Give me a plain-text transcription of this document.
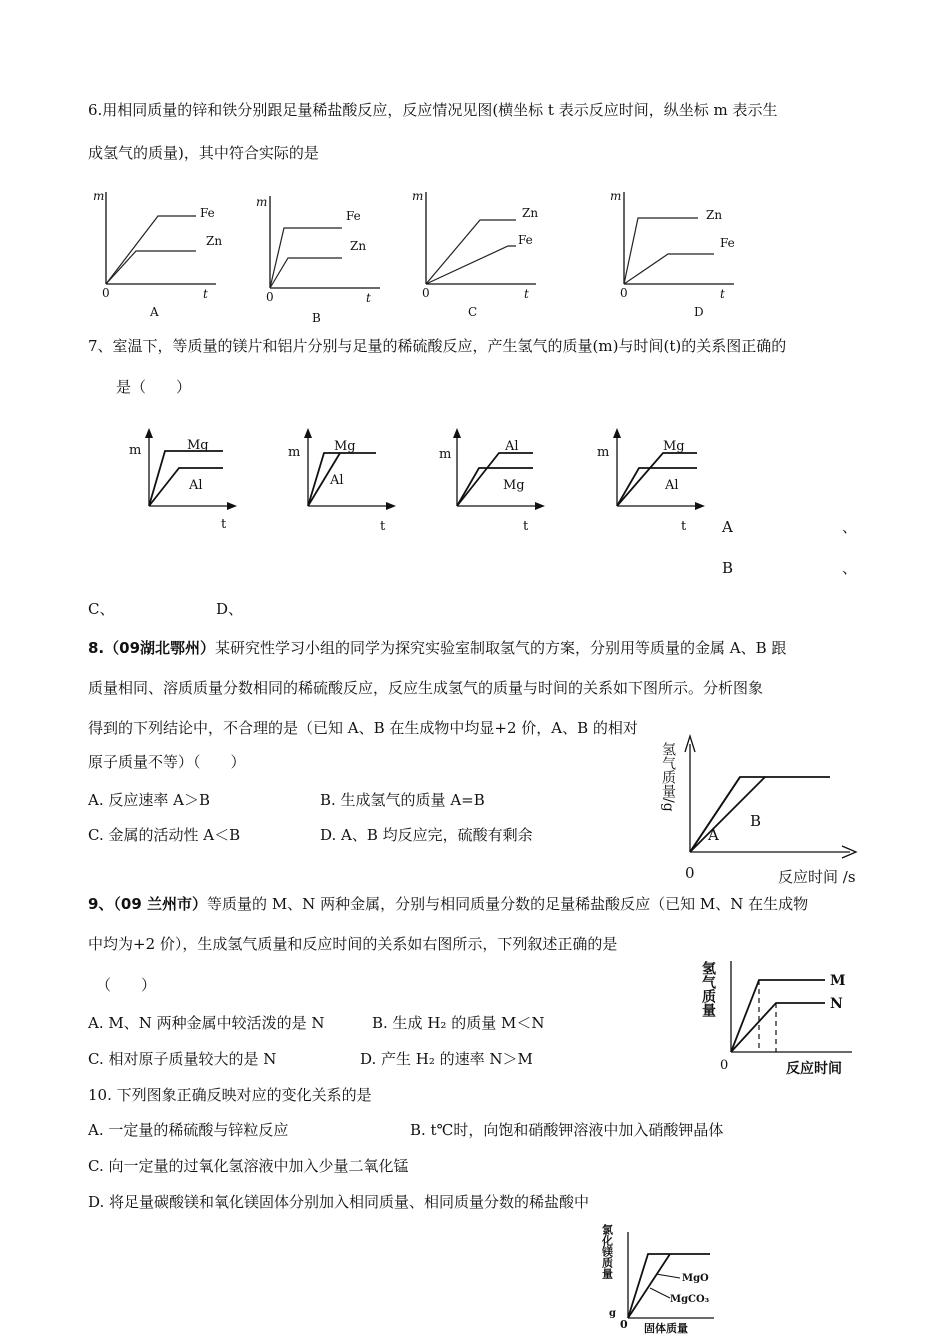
6.用相同质量的锌和铁分别跟足量稀盐酸反应，反应情况见图(横坐标 t 表示反应时间，纵坐标 m 表示生
成氢气的质量)，其中符合实际的是
m
Fe
Zn
0	t
A
m
Fe
Zn
0	t
B
m
Zn
Fe
0	t
C
m
Zn
Fe
0	t
D
7、室温下，等质量的镁片和铝片分别与足量的稀硫酸反应，产生氢气的质量(m)与时间(t)的关系图正确的
是（　　）
m	Mg
Al
t
m	Mg
Al
t
m
Al
Mg
t
m	Mg
Al
t A	、
B	、
C、	D、
8.（09湖北鄂州）某研究性学习小组的同学为探究实验室制取氢气的方案，分别用等质量的金属 A、B 跟
质量相同、溶质质量分数相同的稀硫酸反应，反应生成氢气的质量与时间的关系如下图所示。分析图象
得到的下列结论中，不合理的是（已知 A、B 在生成物中均显+2 价，A、B 的相对
原子质量不等）（　　）
A. 反应速率 A＞B	B. 生成氢气的质量 A=B
C. 金属的活动性 A＜B	D. A、B 均反应完，硫酸有剩余
氢气质量/g
A
B
0	反应时间 /s
9、（09 兰州市）等质量的 M、N 两种金属，分别与相同质量分数的足量稀盐酸反应（已知 M、N 在生成物
中均为+2 价），生成氢气质量和反应时间的关系如右图所示，下列叙述正确的是
（　　）
A. M、N 两种金属中较活泼的是 N	B. 生成 H₂ 的质量 M＜N
C. 相对原子质量较大的是 N	D. 产生 H₂ 的速率 N＞M
氢气质量	M
N
0	反应时间
10. 下列图象正确反映对应的变化关系的是
A. 一定量的稀硫酸与锌粒反应	B. t℃时，向饱和硝酸钾溶液中加入硝酸钾晶体
C. 向一定量的过氧化氢溶液中加入少量二氧化锰
D. 将足量碳酸镁和氧化镁固体分别加入相同质量、相同质量分数的稀盐酸中
氯化镁质量
g
MgO
MgCO₃
0 固体质量
